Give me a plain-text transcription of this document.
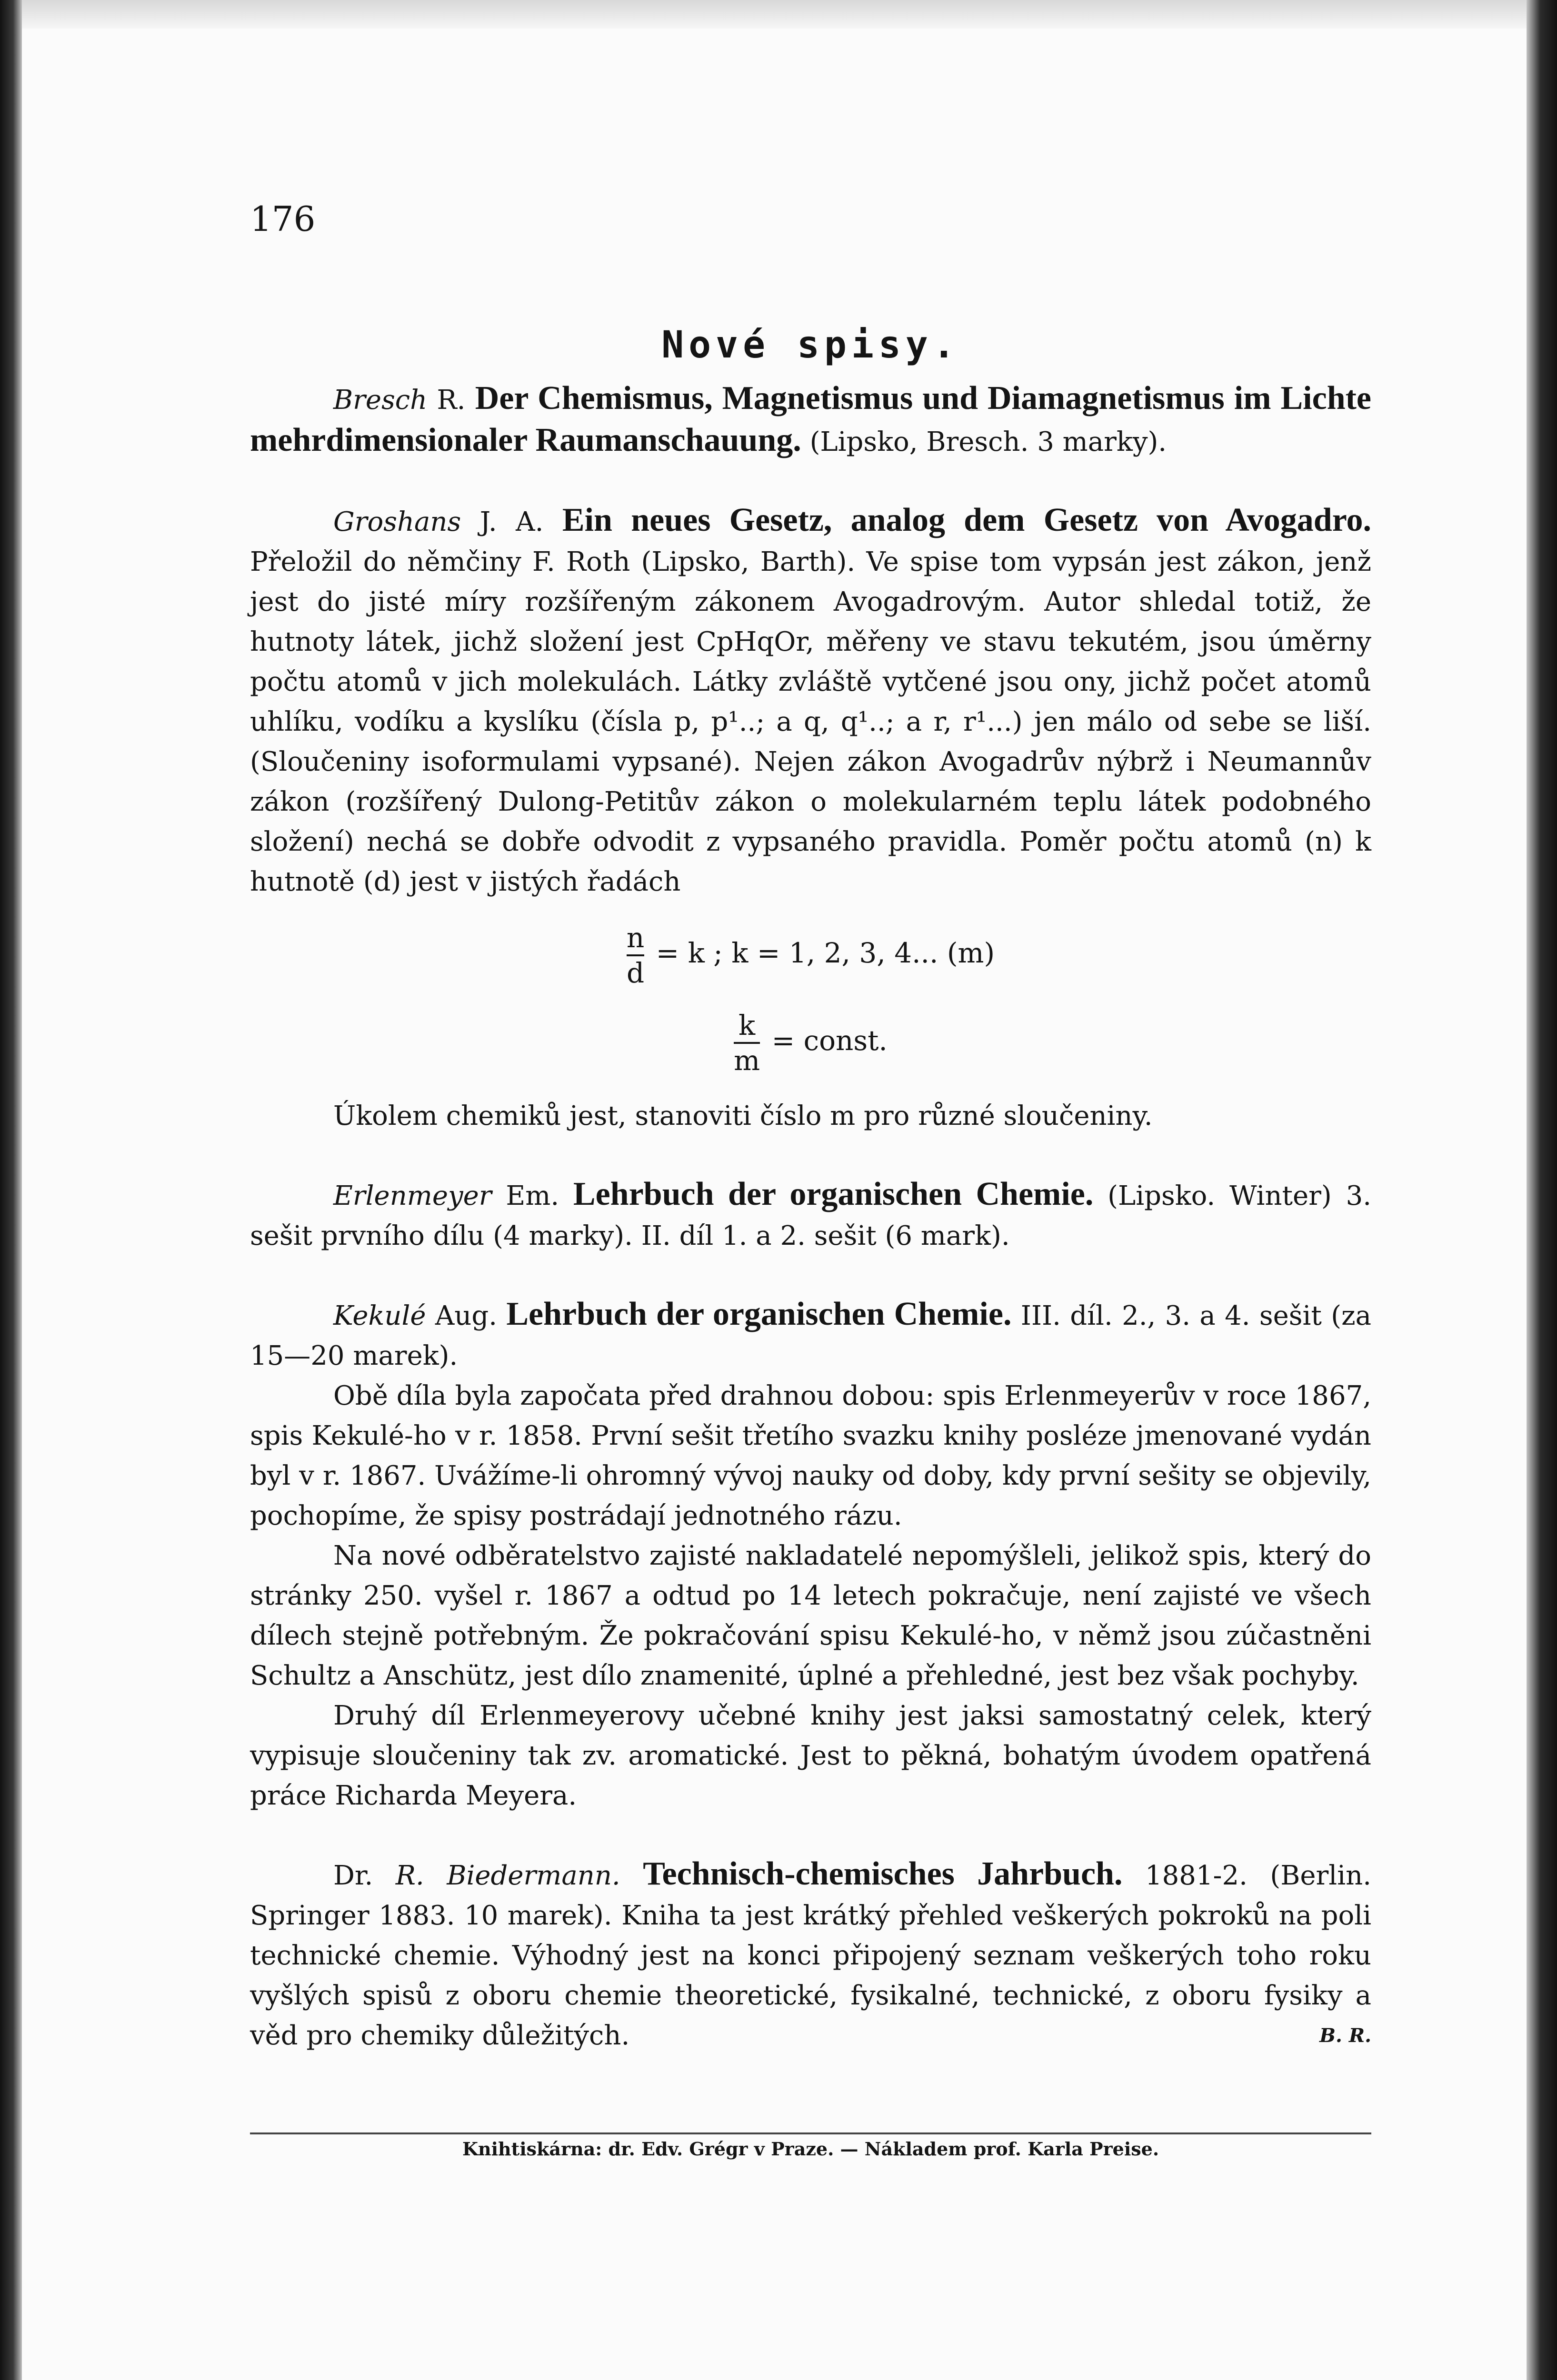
176
Nové spisy.

Bresch R. Der Chemismus, Magnetismus und Diamagnetismus im Lichte mehrdimensionaler Raumanschauung. (Lipsko, Bresch. 3 marky).

Groshans J. A. Ein neues Gesetz, analog dem Gesetz von Avogadro. Přeložil do němčiny F. Roth (Lipsko, Barth). Ve spise tom vypsán jest zákon, jenž jest do jisté míry rozšířeným zákonem Avogadrovým. Autor shledal totiž, že hutnoty látek, jichž složení jest CpHqOr, měřeny ve stavu tekutém, jsou úměrny počtu atomů v jich molekulách. Látky zvláště vytčené jsou ony, jichž počet atomů uhlíku, vodíku a kyslíku (čísla p, p¹..; a q, q¹..; a r, r¹...) jen málo od sebe se liší. (Sloučeniny isoformulami vypsané). Nejen zákon Avogadrův nýbrž i Neumannův zákon (rozšířený Dulong-Petitův zákon o molekularném teplu látek podobného složení) nechá se dobře odvodit z vypsaného pravidla. Poměr počtu atomů (n) k hutnotě (d) jest v jistých řadách

$\frac{n}{d} = k$ ; k = 1, 2, 3, 4... (m)
$\frac{k}{m}$ = const.

Úkolem chemiků jest, stanoviti číslo m pro různé sloučeniny.

Erlenmeyer Em. Lehrbuch der organischen Chemie. (Lipsko. Winter) 3. sešit prvního dílu (4 marky). II. díl 1. a 2. sešit (6 mark).

Kekulé Aug. Lehrbuch der organischen Chemie. III. díl. 2., 3. a 4. sešit (za 15—20 marek).

Obě díla byla započata před drahnou dobou: spis Erlenmeyerův v roce 1867, spis Kekulé-ho v r. 1858. První sešit třetího svazku knihy posléze jmenované vydán byl v r. 1867. Uvážíme-li ohromný vývoj nauky od doby, kdy první sešity se objevily, pochopíme, že spisy postrádají jednotného rázu.

Na nové odběratelstvo zajisté nakladatelé nepomýšleli, jelikož spis, který do stránky 250. vyšel r. 1867 a odtud po 14 letech pokračuje, není zajisté ve všech dílech stejně potřebným. Že pokračování spisu Kekulé-ho, v němž jsou zúčastněni Schultz a Anschütz, jest dílo znamenité, úplné a přehledné, jest bez však pochyby.

Druhý díl Erlenmeyerovy učebné knihy jest jaksi samostatný celek, který vypisuje sloučeniny tak zv. aromatické. Jest to pěkná, bohatým úvodem opatřená práce Richarda Meyera.

Dr. R. Biedermann. Technisch-chemisches Jahrbuch. 1881-2. (Berlin. Springer 1883. 10 marek). Kniha ta jest krátký přehled veškerých pokroků na poli technické chemie. Výhodný jest na konci připojený seznam veškerých toho roku vyšlých spisů z oboru chemie theoretické, fysikalné, technické, z oboru fysiky a věd pro chemiky důležitých.	B. R.

Knihtiskárna: dr. Edv. Grégr v Praze. — Nákladem prof. Karla Preise.
